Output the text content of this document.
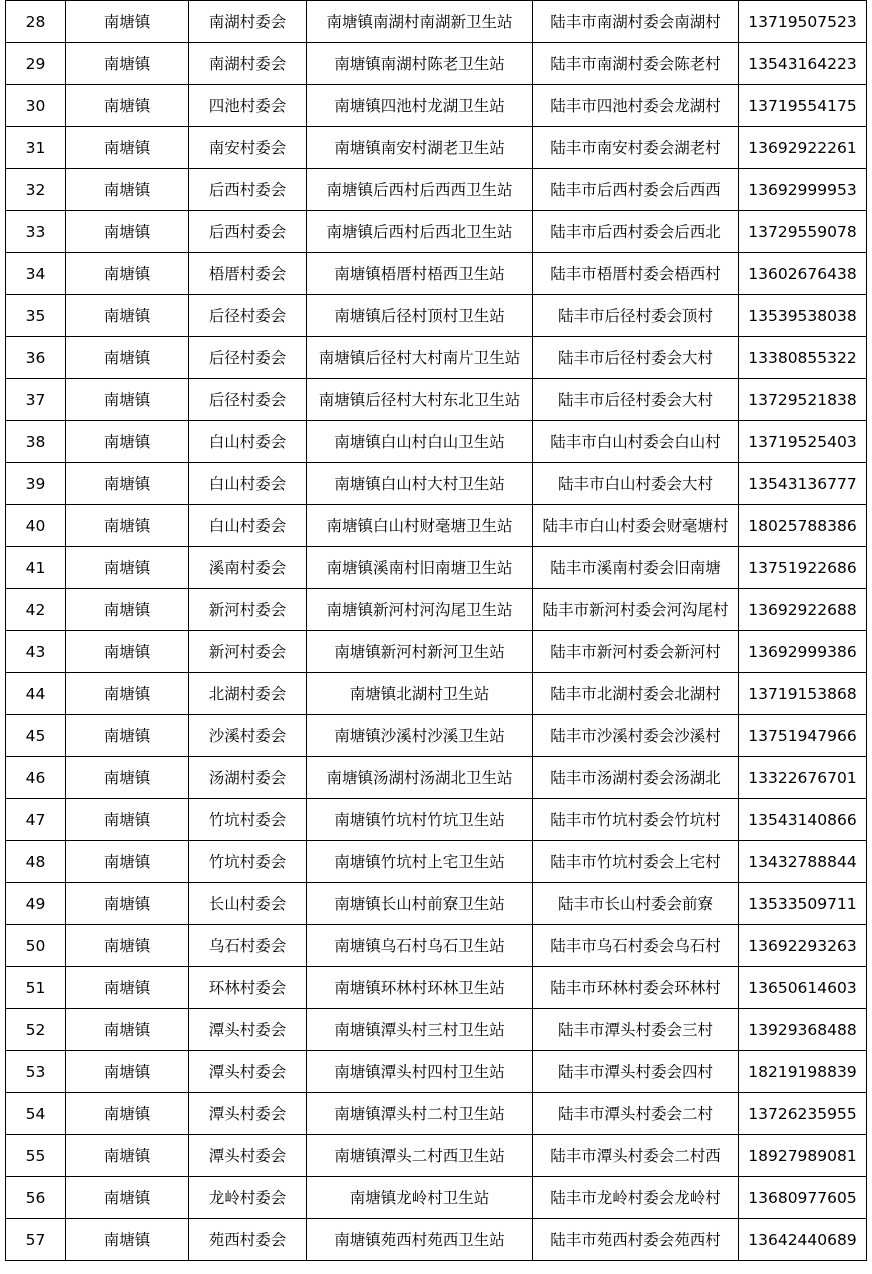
28	南塘镇	南湖村委会	南塘镇南湖村南湖新卫生站	陆丰市南湖村委会南湖村	13719507523
29	南塘镇	南湖村委会	南塘镇南湖村陈老卫生站	陆丰市南湖村委会陈老村	13543164223
30	南塘镇	四池村委会	南塘镇四池村龙湖卫生站	陆丰市四池村委会龙湖村	13719554175
31	南塘镇	南安村委会	南塘镇南安村湖老卫生站	陆丰市南安村委会湖老村	13692922261
32	南塘镇	后西村委会	南塘镇后西村后西西卫生站	陆丰市后西村委会后西西	13692999953
33	南塘镇	后西村委会	南塘镇后西村后西北卫生站	陆丰市后西村委会后西北	13729559078
34	南塘镇	梧厝村委会	南塘镇梧厝村梧西卫生站	陆丰市梧厝村委会梧西村	13602676438
35	南塘镇	后径村委会	南塘镇后径村顶村卫生站	陆丰市后径村委会顶村	13539538038
36	南塘镇	后径村委会	南塘镇后径村大村南片卫生站	陆丰市后径村委会大村	13380855322
37	南塘镇	后径村委会	南塘镇后径村大村东北卫生站	陆丰市后径村委会大村	13729521838
38	南塘镇	白山村委会	南塘镇白山村白山卫生站	陆丰市白山村委会白山村	13719525403
39	南塘镇	白山村委会	南塘镇白山村大村卫生站	陆丰市白山村委会大村	13543136777
40	南塘镇	白山村委会	南塘镇白山村财毫塘卫生站	陆丰市白山村委会财毫塘村	18025788386
41	南塘镇	溪南村委会	南塘镇溪南村旧南塘卫生站	陆丰市溪南村委会旧南塘	13751922686
42	南塘镇	新河村委会	南塘镇新河村河沟尾卫生站	陆丰市新河村委会河沟尾村	13692922688
43	南塘镇	新河村委会	南塘镇新河村新河卫生站	陆丰市新河村委会新河村	13692999386
44	南塘镇	北湖村委会	南塘镇北湖村卫生站	陆丰市北湖村委会北湖村	13719153868
45	南塘镇	沙溪村委会	南塘镇沙溪村沙溪卫生站	陆丰市沙溪村委会沙溪村	13751947966
46	南塘镇	汤湖村委会	南塘镇汤湖村汤湖北卫生站	陆丰市汤湖村委会汤湖北	13322676701
47	南塘镇	竹坑村委会	南塘镇竹坑村竹坑卫生站	陆丰市竹坑村委会竹坑村	13543140866
48	南塘镇	竹坑村委会	南塘镇竹坑村上宅卫生站	陆丰市竹坑村委会上宅村	13432788844
49	南塘镇	长山村委会	南塘镇长山村前寮卫生站	陆丰市长山村委会前寮	13533509711
50	南塘镇	乌石村委会	南塘镇乌石村乌石卫生站	陆丰市乌石村委会乌石村	13692293263
51	南塘镇	环林村委会	南塘镇环林村环林卫生站	陆丰市环林村委会环林村	13650614603
52	南塘镇	潭头村委会	南塘镇潭头村三村卫生站	陆丰市潭头村委会三村	13929368488
53	南塘镇	潭头村委会	南塘镇潭头村四村卫生站	陆丰市潭头村委会四村	18219198839
54	南塘镇	潭头村委会	南塘镇潭头村二村卫生站	陆丰市潭头村委会二村	13726235955
55	南塘镇	潭头村委会	南塘镇潭头二村西卫生站	陆丰市潭头村委会二村西	18927989081
56	南塘镇	龙岭村委会	南塘镇龙岭村卫生站	陆丰市龙岭村委会龙岭村	13680977605
57	南塘镇	苑西村委会	南塘镇苑西村苑西卫生站	陆丰市苑西村委会苑西村	13642440689
